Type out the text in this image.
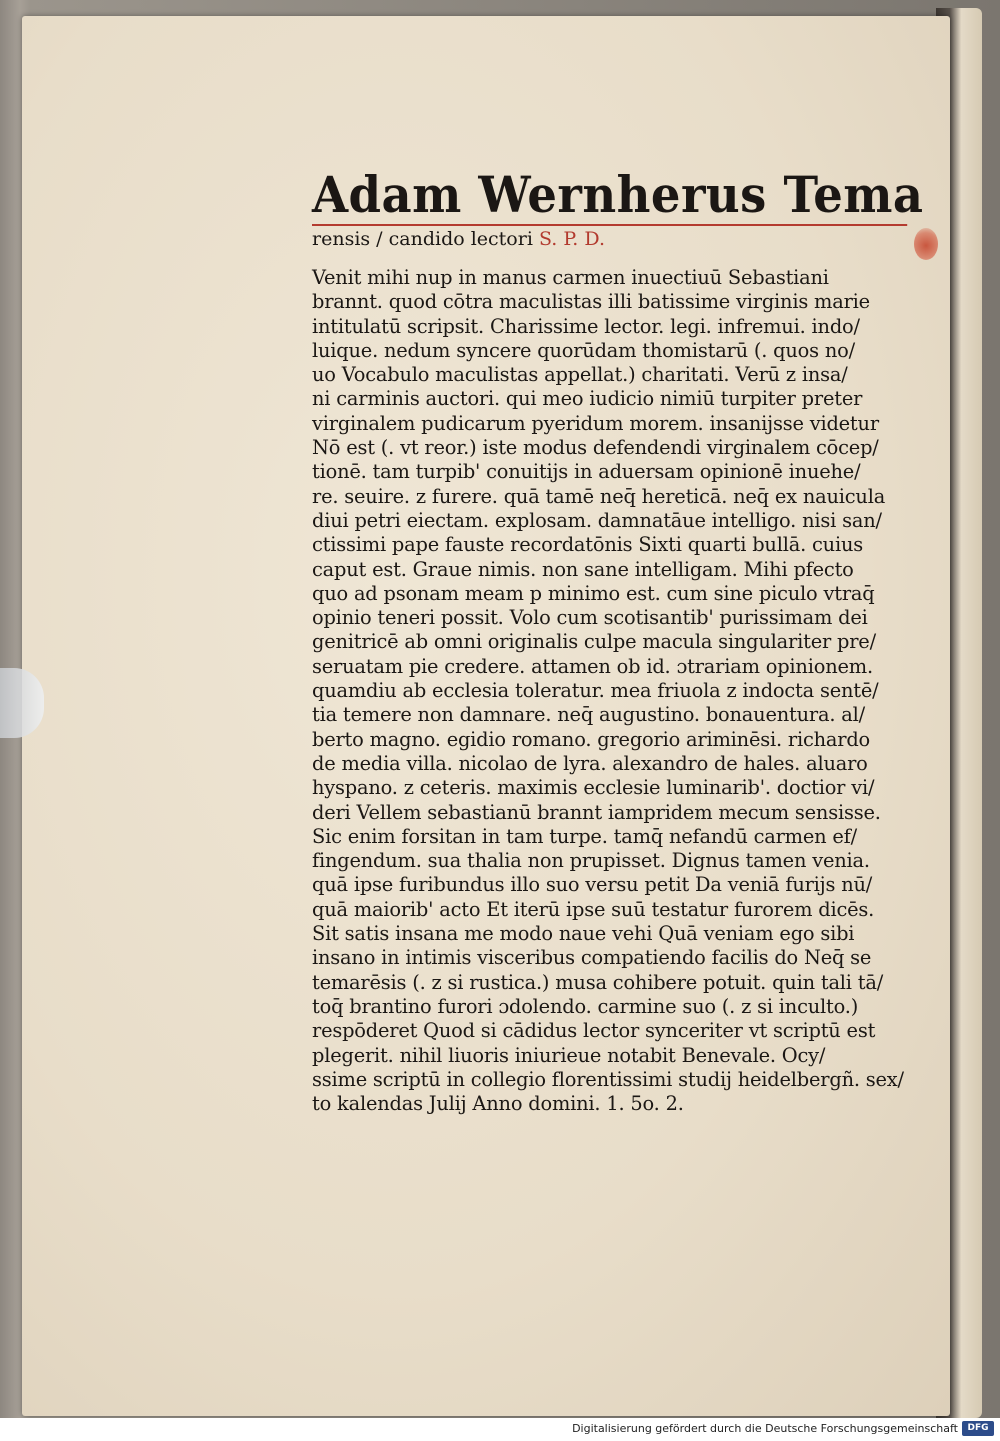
Adam Wernherus Tema
rensis / candido lectori S. P. D.
Venit mihi nup in manus carmen inuectiuū Sebastiani
brannt. quod cōtra maculistas illi batissime virginis marie
intitulatū scripsit. Charissime lector. legi. infremui. indo/
luique. nedum syncere quorūdam thomistarū (. quos no/
uo Vocabulo maculistas appellat.) charitati. Verū z insa/
ni carminis auctori. qui meo iudicio nimiū turpiter preter
virginalem pudicarum pyeridum morem. insanijsse videtur
Nō est (. vt reor.) iste modus defendendi virginalem cōcep/
tionē. tam turpib' conuitijs in aduersam opinionē inuehe/
re. seuire. z furere. quā tamē neq̄ hereticā. neq̄ ex nauicula
diui petri eiectam. explosam. damnatāue intelligo. nisi san/
ctissimi pape fauste recordatōnis Sixti quarti bullā. cuius
caput est. Graue nimis. non sane intelligam. Mihi pfecto
quo ad psonam meam p minimo est. cum sine piculo vtraq̄
opinio teneri possit. Volo cum scotisantib' purissimam dei
genitricē ab omni originalis culpe macula singulariter pre/
seruatam pie credere. attamen ob id. ɔtrariam opinionem.
quamdiu ab ecclesia toleratur. mea friuola z indocta sentē/
tia temere non damnare. neq̄ augustino. bonauentura. al/
berto magno. egidio romano. gregorio ariminēsi. richardo
de media villa. nicolao de lyra. alexandro de hales. aluaro
hyspano. z ceteris. maximis ecclesie luminarib'. doctior vi/
deri Vellem sebastianū brannt iampridem mecum sensisse.
Sic enim forsitan in tam turpe. tamq̄ nefandū carmen ef/
fingendum. sua thalia non prupisset. Dignus tamen venia.
quā ipse furibundus illo suo versu petit Da veniā furijs nū/
quā maiorib' acto Et iterū ipse suū testatur furorem dicēs.
Sit satis insana me modo naue vehi Quā veniam ego sibi
insano in intimis visceribus compatiendo facilis do Neq̄ se
temarēsis (. z si rustica.) musa cohibere potuit. quin tali tā/
toq̄ brantino furori ɔdolendo. carmine suo (. z si inculto.)
respōderet Quod si cādidus lector synceriter vt scriptū est
plegerit. nihil liuoris iniurieue notabit Benevale. Ocy/
ssime scriptū in collegio florentissimi studij heidelbergñ. sex/
to kalendas Julij Anno domini. 1. 5o. 2.
Digitalisierung gefördert durch die Deutsche Forschungsgemeinschaft	DFG
